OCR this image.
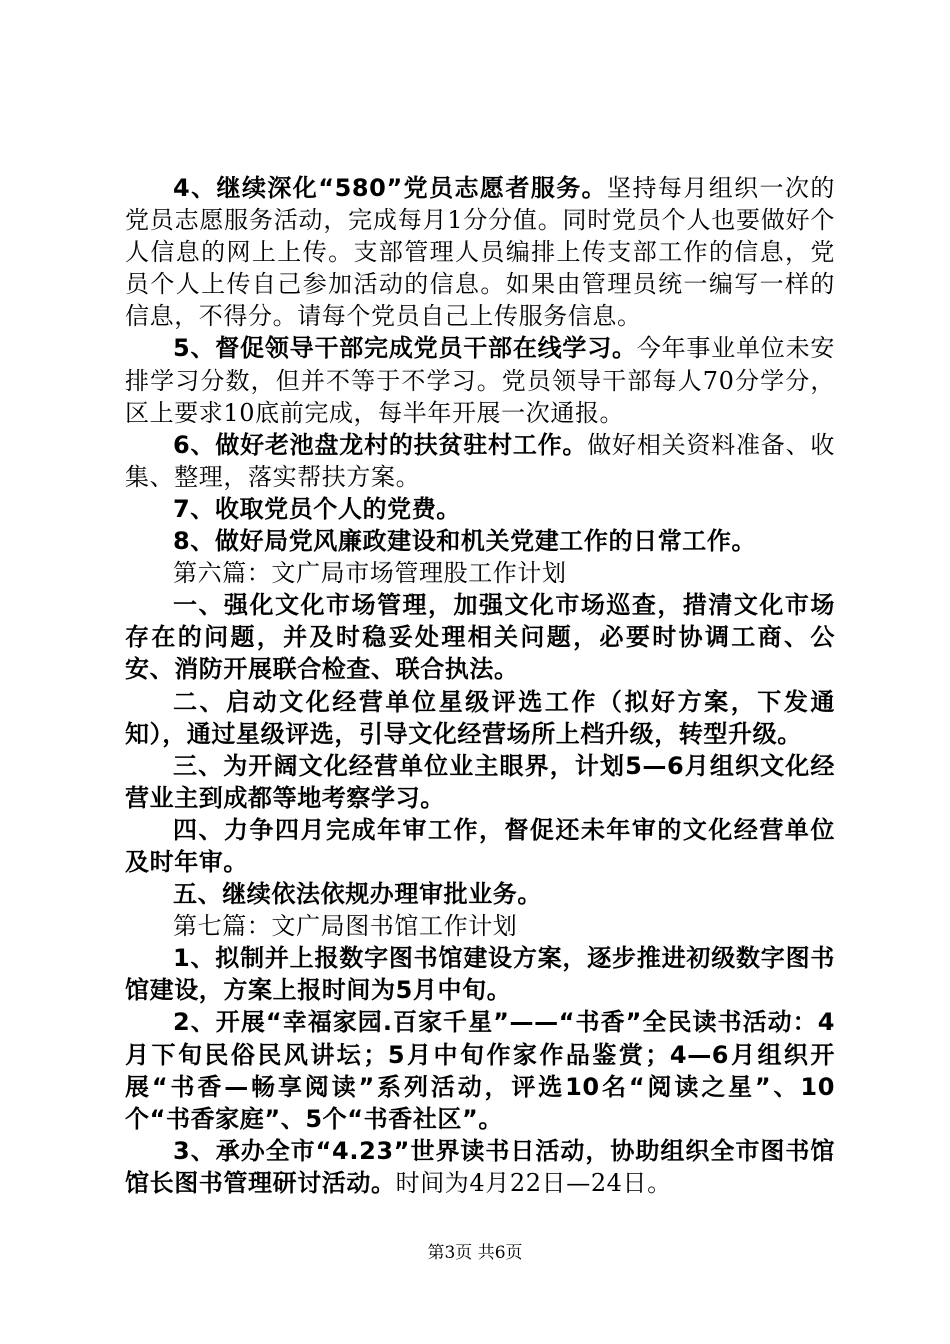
4、继续深化“580”党员志愿者服务。坚持每月组织一次的党员志愿服务活动，完成每月1分分值。同时党员个人也要做好个人信息的网上上传。支部管理人员编排上传支部工作的信息，党员个人上传自己参加活动的信息。如果由管理员统一编写一样的信息，不得分。请每个党员自己上传服务信息。

5、督促领导干部完成党员干部在线学习。今年事业单位未安排学习分数，但并不等于不学习。党员领导干部每人70分学分，区上要求10底前完成，每半年开展一次通报。

6、做好老池盘龙村的扶贫驻村工作。做好相关资料准备、收集、整理，落实帮扶方案。

7、收取党员个人的党费。

8、做好局党风廉政建设和机关党建工作的日常工作。

第六篇：文广局市场管理股工作计划

一、强化文化市场管理，加强文化市场巡查，措清文化市场存在的问题，并及时稳妥处理相关问题，必要时协调工商、公安、消防开展联合检查、联合执法。

二、启动文化经营单位星级评选工作（拟好方案，下发通知），通过星级评选，引导文化经营场所上档升级，转型升级。

三、为开阔文化经营单位业主眼界，计划5—6月组织文化经营业主到成都等地考察学习。

四、力争四月完成年审工作，督促还未年审的文化经营单位及时年审。

五、继续依法依规办理审批业务。

第七篇：文广局图书馆工作计划

1、拟制并上报数字图书馆建设方案，逐步推进初级数字图书馆建设，方案上报时间为5月中旬。

2、开展“幸福家园.百家千星”——“书香”全民读书活动：4月下旬民俗民风讲坛；5月中旬作家作品鉴赏；4—6月组织开展“书香—畅享阅读”系列活动，评选10名“阅读之星”、10个“书香家庭”、5个“书香社区”。

3、承办全市“4.23”世界读书日活动，协助组织全市图书馆馆长图书管理研讨活动。时间为4月22日—24日。

第3页 共6页
